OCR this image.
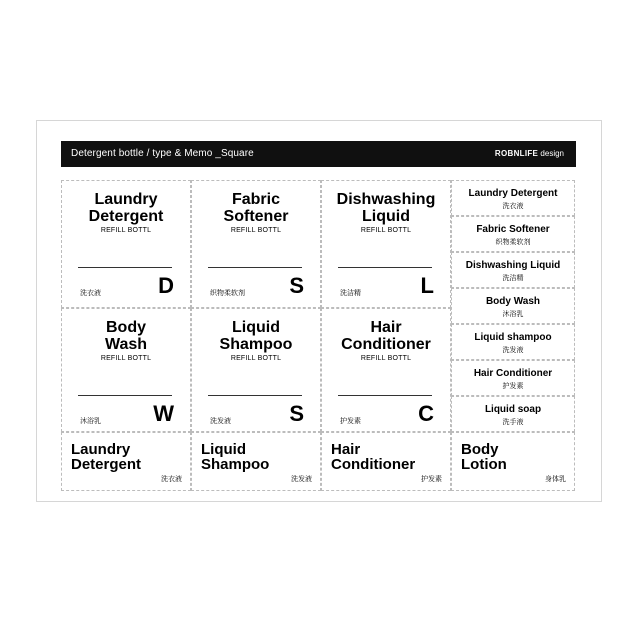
Detergent bottle / type & Memo _Square	ROBNLIFE design
Laundry
Detergent
REFILL BOTTL
洗衣液	D
Fabric
Softener
REFILL BOTTL
织物柔软剂 S
Dishwashing
Liquid
REFILL BOTTL
洗洁精	L
Body
Wash
REFILL BOTTL
沐浴乳 W
Liquid
Shampoo
REFILL BOTTL
洗发液	S
Hair
Conditioner
REFILL BOTTL
护发素	C
Laundry Detergent
洗衣液
Fabric Softener
织物柔软剂
Dishwashing Liquid
洗洁精
Body Wash
沐浴乳
Liquid shampoo
洗发液
Hair Conditioner
护发素
Liquid soap
洗手液
Laundry
Detergent
洗衣液
Liquid
Shampoo
洗发液
Hair
Conditioner
护发素
Body
Lotion
身体乳
